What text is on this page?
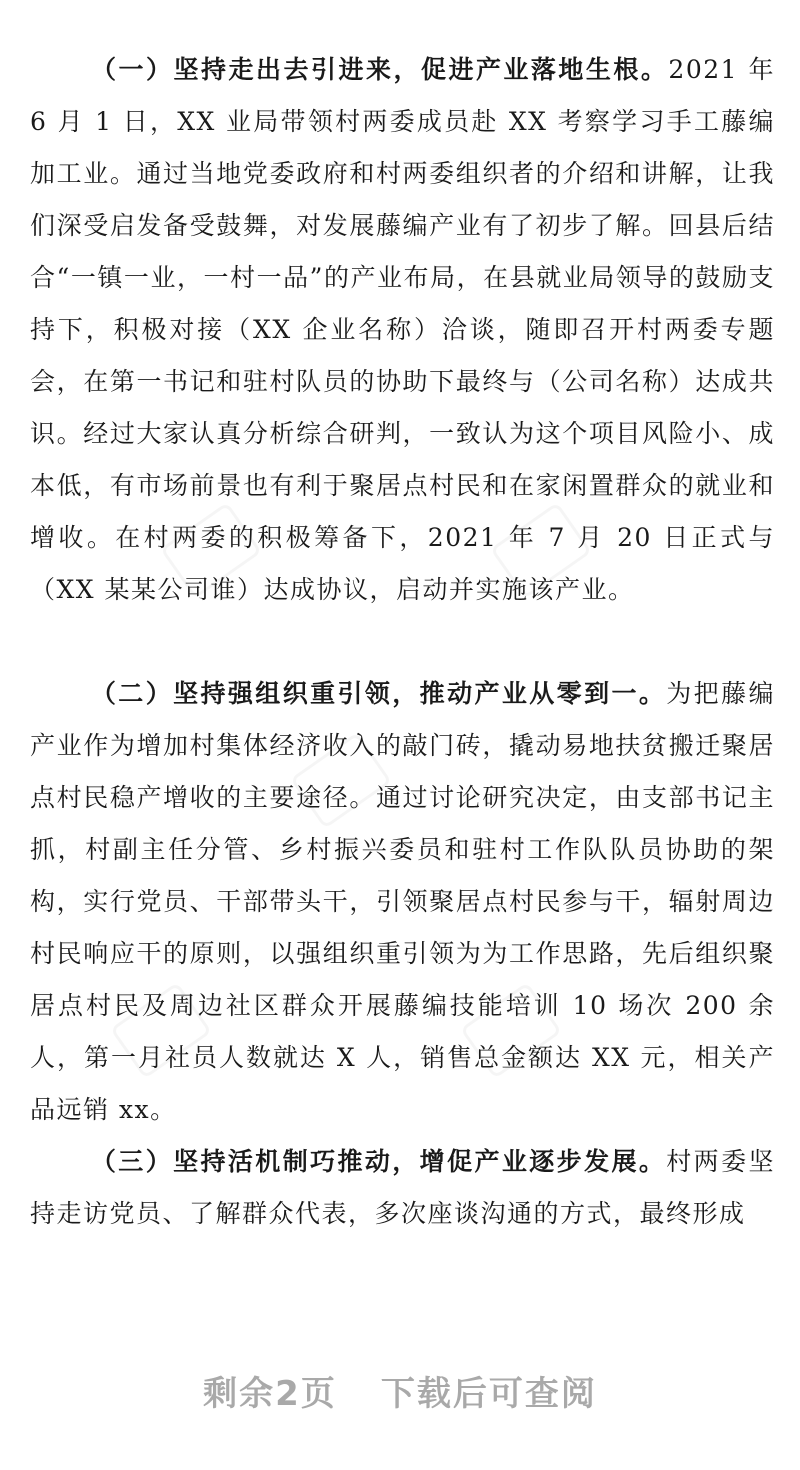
（一）坚持走出去引进来，促进产业落地生根。2021 年 6 月 1 日，XX 业局带领村两委成员赴 XX 考察学习手工藤编加工业。通过当地党委政府和村两委组织者的介绍和讲解，让我们深受启发备受鼓舞，对发展藤编产业有了初步了解。回县后结合“一镇一业，一村一品”的产业布局，在县就业局领导的鼓励支持下，积极对接（XX 企业名称）洽谈，随即召开村两委专题会，在第一书记和驻村队员的协助下最终与（公司名称）达成共识。经过大家认真分析综合研判，一致认为这个项目风险小、成本低，有市场前景也有利于聚居点村民和在家闲置群众的就业和增收。在村两委的积极筹备下，2021 年 7 月 20 日正式与（XX 某某公司谁）达成协议，启动并实施该产业。

（二）坚持强组织重引领，推动产业从零到一。为把藤编产业作为增加村集体经济收入的敲门砖，撬动易地扶贫搬迁聚居点村民稳产增收的主要途径。通过讨论研究决定，由支部书记主抓，村副主任分管、乡村振兴委员和驻村工作队队员协助的架构，实行党员、干部带头干，引领聚居点村民参与干，辐射周边村民响应干的原则，以强组织重引领为为工作思路，先后组织聚居点村民及周边社区群众开展藤编技能培训 10 场次 200 余人，第一月社员人数就达 X 人，销售总金额达 XX 元，相关产品远销 xx。

（三）坚持活机制巧推动，增促产业逐步发展。村两委坚持走访党员、了解群众代表，多次座谈沟通的方式，最终形成

剩余2页 下载后可查阅
